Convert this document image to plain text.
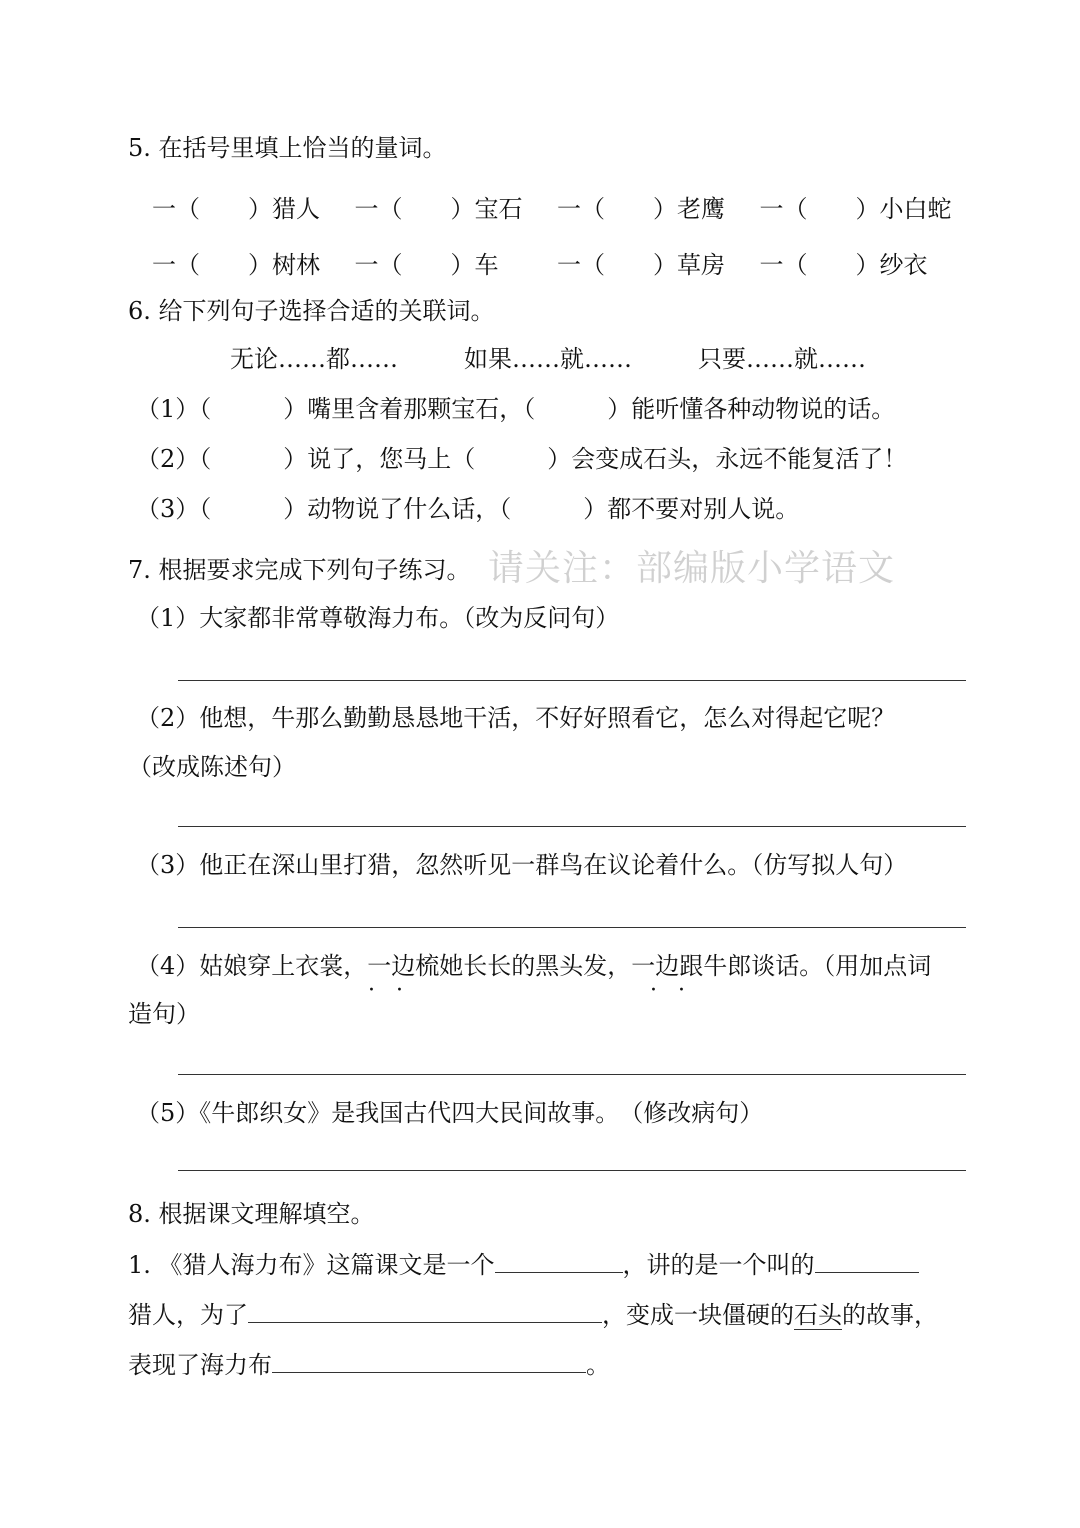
5. 在括号里填上恰当的量词。
一（　　）猎人	一（　　）宝石	一（　　）老鹰	一（　　）小白蛇
一（　　）树林	一（　　）车	一（　　）草房	一（　　）纱衣
6. 给下列句子选择合适的关联词。
无论……都……	如果……就……	只要……就……
（1）（　　　）嘴里含着那颗宝石，（　　　）能听懂各种动物说的话。
（2）（　　　）说了，您马上（　　　）会变成石头，永远不能复活了！
（3）（　　　）动物说了什么话，（　　　）都不要对别人说。
请关注：部编版小学语文
7. 根据要求完成下列句子练习。
（1）大家都非常尊敬海力布。（改为反问句）
（2）他想，牛那么勤勤恳恳地干活，不好好照看它，怎么对得起它呢？
（改成陈述句）
（3）他正在深山里打猎，忽然听见一群鸟在议论着什么。（仿写拟人句）
（4）姑娘穿上衣裳，一边梳她长长的黑头发，一边跟牛郎谈话。（用加点词
· ·	· ·
造句）
（5）《牛郎织女》是我国古代四大民间故事。　（修改病句）
8. 根据课文理解填空。
1. 《猎人海力布》这篇课文是一个	，讲的是一个叫的
猎人，为了	，变成一块僵硬的石头的故事，
表现了海力布	。
